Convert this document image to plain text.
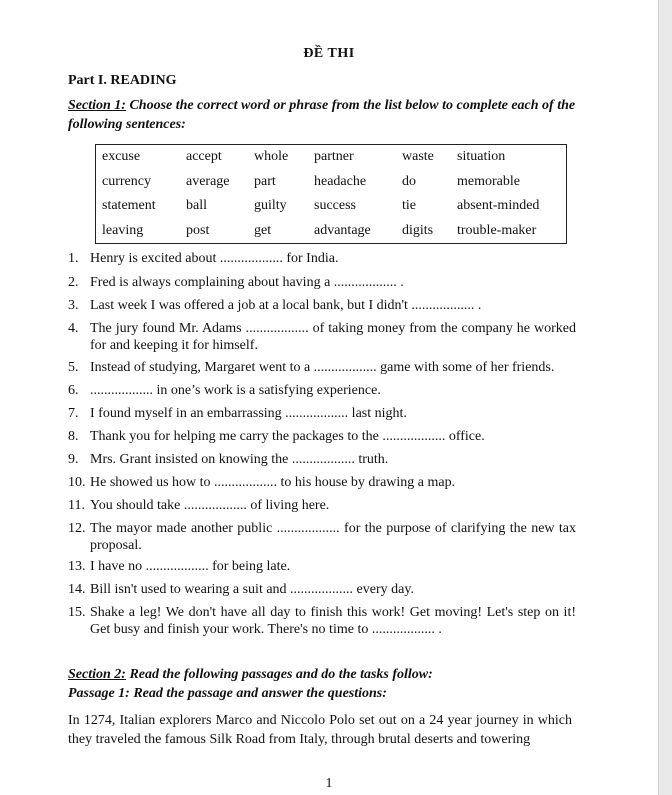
ĐỀ THI
Part I. READING
Section 1: Choose the correct word or phrase from the list below to complete each of the following sentences:
excuse	accept	whole	partner	waste	situation
currency	average	part	headache	do	memorable
statement	ball	guilty	success	tie	absent-minded
leaving	post	get	advantage	digits	trouble-maker
1. Henry is excited about .................. for India.
2. Fred is always complaining about having a .................. .
3. Last week I was offered a job at a local bank, but I didn't .................. .
4. The jury found Mr. Adams .................. of taking money from the company he worked for and keeping it for himself.
5. Instead of studying, Margaret went to a .................. game with some of her friends.
6. .................. in one’s work is a satisfying experience.
7. I found myself in an embarrassing .................. last night.
8. Thank you for helping me carry the packages to the .................. office.
9. Mrs. Grant insisted on knowing the .................. truth.
10. He showed us how to .................. to his house by drawing a map.
11. You should take .................. of living here.
12. The mayor made another public .................. for the purpose of clarifying the new tax proposal.
13. I have no .................. for being late.
14. Bill isn't used to wearing a suit and .................. every day.
15. Shake a leg! We don't have all day to finish this work! Get moving! Let's step on it! Get busy and finish your work. There's no time to .................. .
Section 2: Read the following passages and do the tasks follow:
Passage 1: Read the passage and answer the questions:
In 1274, Italian explorers Marco and Niccolo Polo set out on a 24 year journey in which they traveled the famous Silk Road from Italy, through brutal deserts and towering
1
